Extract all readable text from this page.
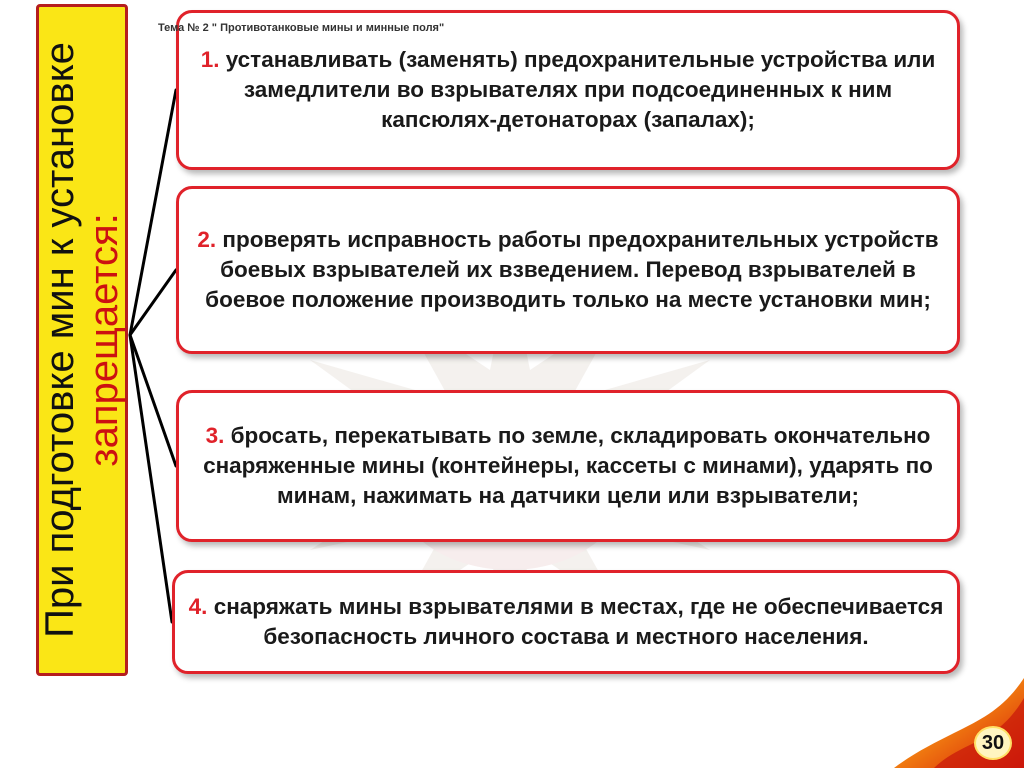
Тема № 2 " Противотанковые мины и минные поля"
При подготовке мин к установке запрещается:
1. устанавливать (заменять) предохранительные устройства или замедлители во взрывателях при подсоединенных к ним капсюлях-детонаторах (запалах);
2. проверять исправность работы предохранительных устройств боевых взрывателей их взведением. Перевод взрывателей в боевое положение производить только на месте установки мин;
3. бросать, перекатывать по земле, складировать окончательно снаряженные мины (контейнеры, кассеты с минами), ударять по минам, нажимать на датчики цели или взрыватели;
4. снаряжать мины взрывателями в местах, где не обеспечивается безопасность личного состава и местного населения.
30
